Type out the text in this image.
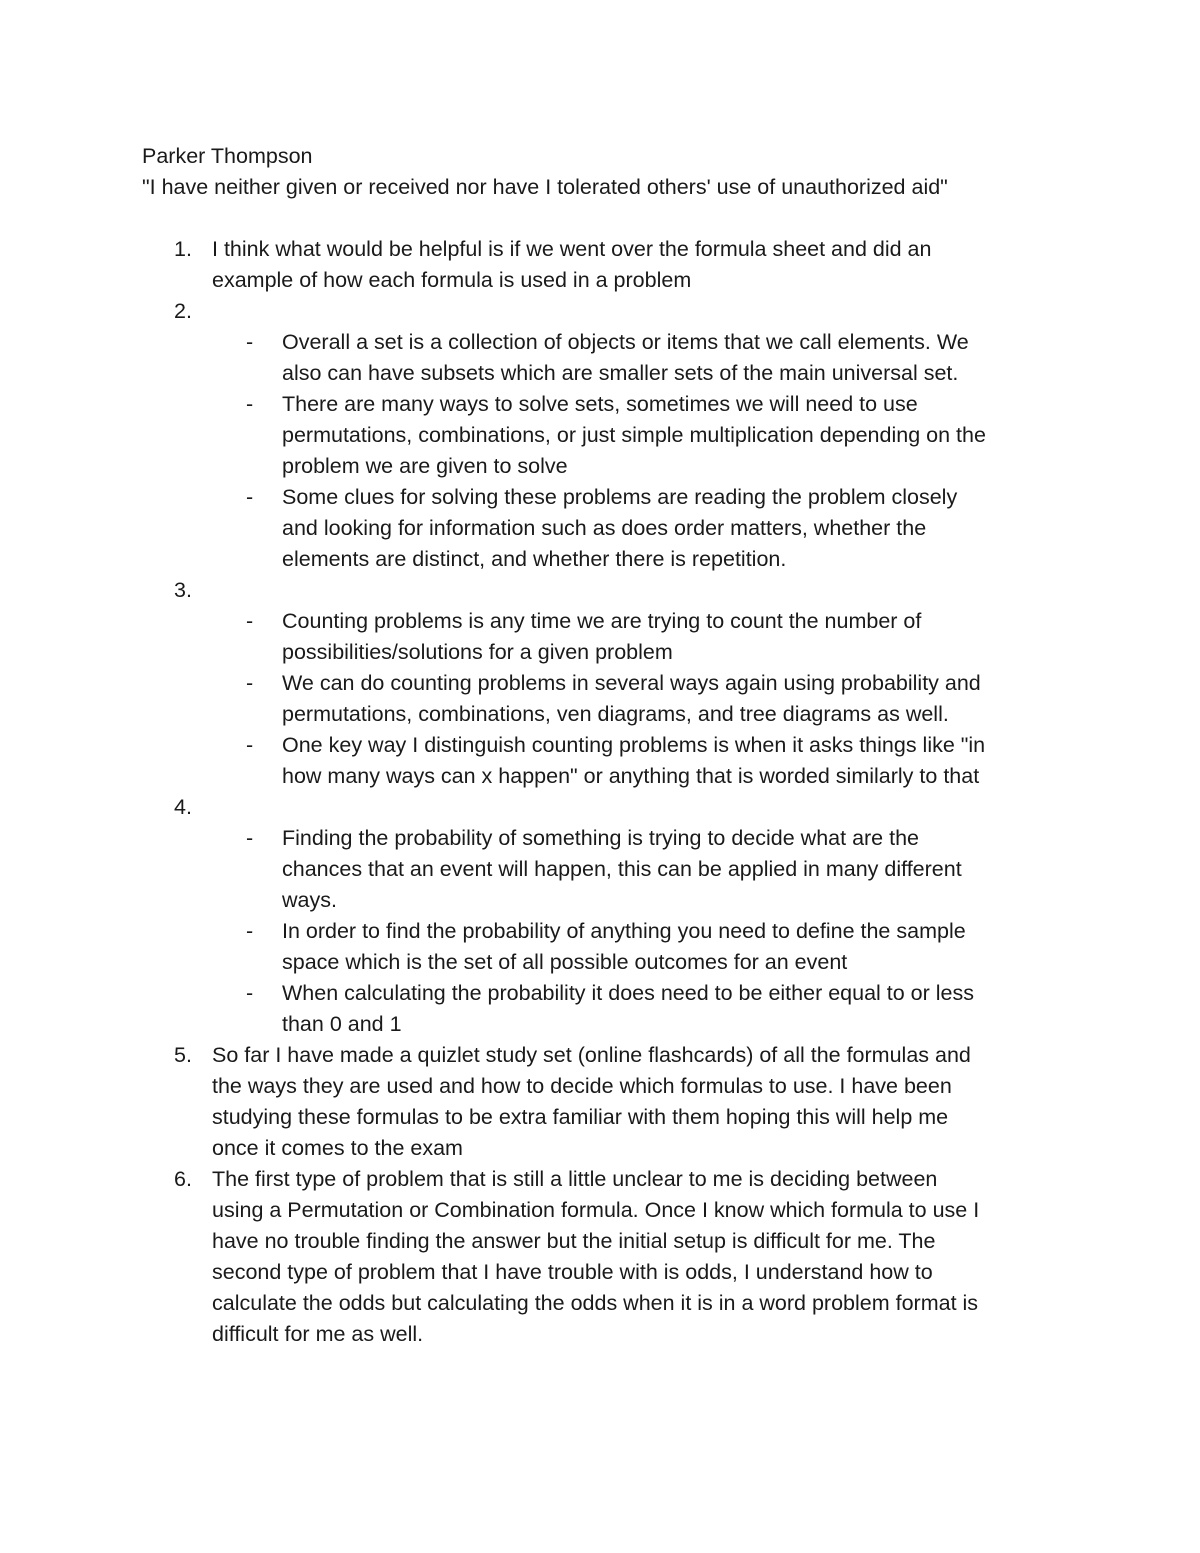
Parker Thompson

"I have neither given or received nor have I tolerated others' use of unauthorized aid"

1. I think what would be helpful is if we went over the formula sheet and did an
example of how each formula is used in a problem
2.
- Overall a set is a collection of objects or items that we call elements. We
also can have subsets which are smaller sets of the main universal set.
- There are many ways to solve sets, sometimes we will need to use
permutations, combinations, or just simple multiplication depending on the
problem we are given to solve
- Some clues for solving these problems are reading the problem closely
and looking for information such as does order matters, whether the
elements are distinct, and whether there is repetition.
3.
- Counting problems is any time we are trying to count the number of
possibilities/solutions for a given problem
- We can do counting problems in several ways again using probability and
permutations, combinations, ven diagrams, and tree diagrams as well.
- One key way I distinguish counting problems is when it asks things like "in
how many ways can x happen" or anything that is worded similarly to that
4.
- Finding the probability of something is trying to decide what are the
chances that an event will happen, this can be applied in many different
ways.
- In order to find the probability of anything you need to define the sample
space which is the set of all possible outcomes for an event
- When calculating the probability it does need to be either equal to or less
than 0 and 1
5. So far I have made a quizlet study set (online flashcards) of all the formulas and
the ways they are used and how to decide which formulas to use. I have been
studying these formulas to be extra familiar with them hoping this will help me
once it comes to the exam
6. The first type of problem that is still a little unclear to me is deciding between
using a Permutation or Combination formula. Once I know which formula to use I
have no trouble finding the answer but the initial setup is difficult for me. The
second type of problem that I have trouble with is odds, I understand how to
calculate the odds but calculating the odds when it is in a word problem format is
difficult for me as well.
